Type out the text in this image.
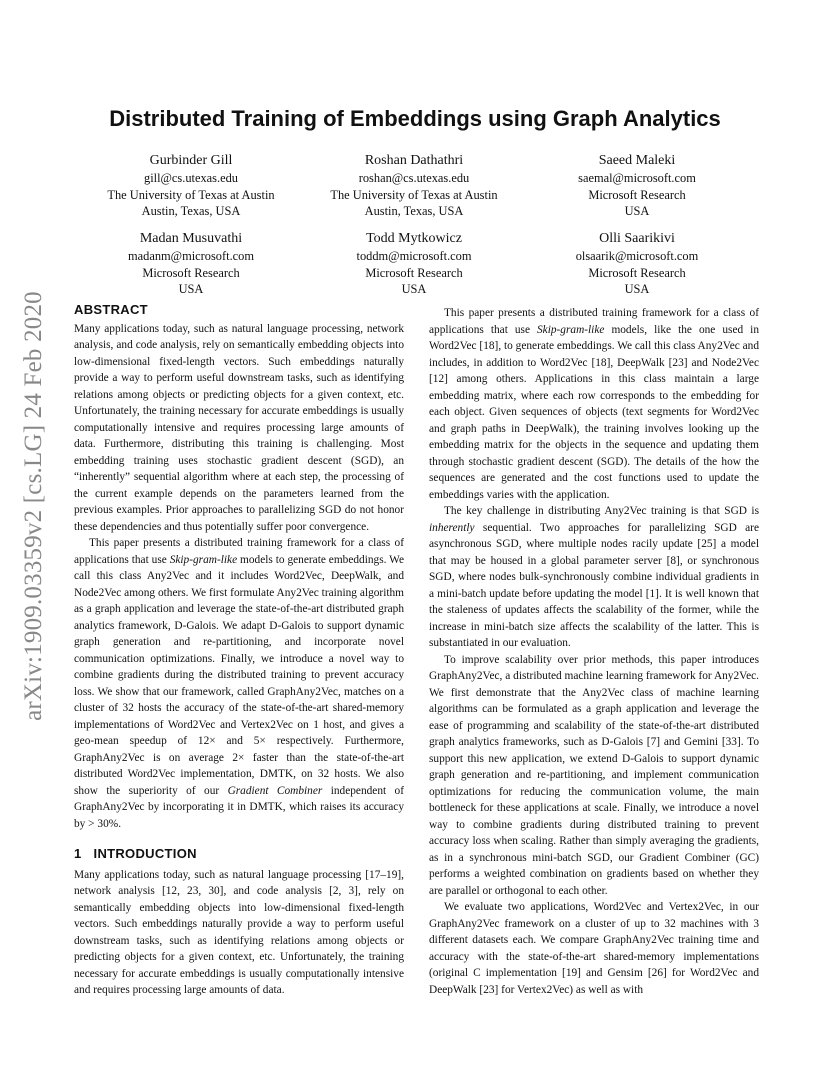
arXiv:1909.03359v2 [cs.LG] 24 Feb 2020
Distributed Training of Embeddings using Graph Analytics
Gurbinder Gill
gill@cs.utexas.edu
The University of Texas at Austin
Austin, Texas, USA
Roshan Dathathri
roshan@cs.utexas.edu
The University of Texas at Austin
Austin, Texas, USA
Saeed Maleki
saemal@microsoft.com
Microsoft Research
USA
Madan Musuvathi
madanm@microsoft.com
Microsoft Research
USA
Todd Mytkowicz
toddm@microsoft.com
Microsoft Research
USA
Olli Saarikivi
olsaarik@microsoft.com
Microsoft Research
USA
ABSTRACT

Many applications today, such as natural language processing, network analysis, and code analysis, rely on semantically embedding objects into low-dimensional fixed-length vectors. Such embeddings naturally provide a way to perform useful downstream tasks, such as identifying relations among objects or predicting objects for a given context, etc. Unfortunately, the training necessary for accurate embeddings is usually computationally intensive and requires processing large amounts of data. Furthermore, distributing this training is challenging. Most embedding training uses stochastic gradient descent (SGD), an “inherently” sequential algorithm where at each step, the processing of the current example depends on the parameters learned from the previous examples. Prior approaches to parallelizing SGD do not honor these dependencies and thus potentially suffer poor convergence.

This paper presents a distributed training framework for a class of applications that use Skip-gram-like models to generate embeddings. We call this class Any2Vec and it includes Word2Vec, DeepWalk, and Node2Vec among others. We first formulate Any2Vec training algorithm as a graph application and leverage the state-of-the-art distributed graph analytics framework, D-Galois. We adapt D-Galois to support dynamic graph generation and re-partitioning, and incorporate novel communication optimizations. Finally, we introduce a novel way to combine gradients during the distributed training to prevent accuracy loss. We show that our framework, called GraphAny2Vec, matches on a cluster of 32 hosts the accuracy of the state-of-the-art shared-memory implementations of Word2Vec and Vertex2Vec on 1 host, and gives a geo-mean speedup of 12× and 5× respectively. Furthermore, GraphAny2Vec is on average 2× faster than the state-of-the-art distributed Word2Vec implementation, DMTK, on 32 hosts. We also show the superiority of our Gradient Combiner independent of GraphAny2Vec by incorporating it in DMTK, which raises its accuracy by > 30%.

1 INTRODUCTION

Many applications today, such as natural language processing [17–19], network analysis [12, 23, 30], and code analysis [2, 3], rely on semantically embedding objects into low-dimensional fixed-length vectors. Such embeddings naturally provide a way to perform useful downstream tasks, such as identifying relations among objects or predicting objects for a given context, etc. Unfortunately, the training necessary for accurate embeddings is usually computationally intensive and requires processing large amounts of data.

This paper presents a distributed training framework for a class of applications that use Skip-gram-like models, like the one used in Word2Vec [18], to generate embeddings. We call this class Any2Vec and includes, in addition to Word2Vec [18], DeepWalk [23] and Node2Vec [12] among others. Applications in this class maintain a large embedding matrix, where each row corresponds to the embedding for each object. Given sequences of objects (text segments for Word2Vec and graph paths in DeepWalk), the training involves looking up the embedding matrix for the objects in the sequence and updating them through stochastic gradient descent (SGD). The details of the how the sequences are generated and the cost functions used to update the embeddings varies with the application.

The key challenge in distributing Any2Vec training is that SGD is inherently sequential. Two approaches for parallelizing SGD are asynchronous SGD, where multiple nodes racily update [25] a model that may be housed in a global parameter server [8], or synchronous SGD, where nodes bulk-synchronously combine individual gradients in a mini-batch update before updating the model [1]. It is well known that the staleness of updates affects the scalability of the former, while the increase in mini-batch size affects the scalability of the latter. This is substantiated in our evaluation.

To improve scalability over prior methods, this paper introduces GraphAny2Vec, a distributed machine learning framework for Any2Vec. We first demonstrate that the Any2Vec class of machine learning algorithms can be formulated as a graph application and leverage the ease of programming and scalability of the state-of-the-art distributed graph analytics frameworks, such as D-Galois [7] and Gemini [33]. To support this new application, we extend D-Galois to support dynamic graph generation and re-partitioning, and implement communication optimizations for reducing the communication volume, the main bottleneck for these applications at scale. Finally, we introduce a novel way to combine gradients during distributed training to prevent accuracy loss when scaling. Rather than simply averaging the gradients, as in a synchronous mini-batch SGD, our Gradient Combiner (GC) performs a weighted combination on gradients based on whether they are parallel or orthogonal to each other.

We evaluate two applications, Word2Vec and Vertex2Vec, in our GraphAny2Vec framework on a cluster of up to 32 machines with 3 different datasets each. We compare GraphAny2Vec training time and accuracy with the state-of-the-art shared-memory implementations (original C implementation [19] and Gensim [26] for Word2Vec and DeepWalk [23] for Vertex2Vec) as well as with
